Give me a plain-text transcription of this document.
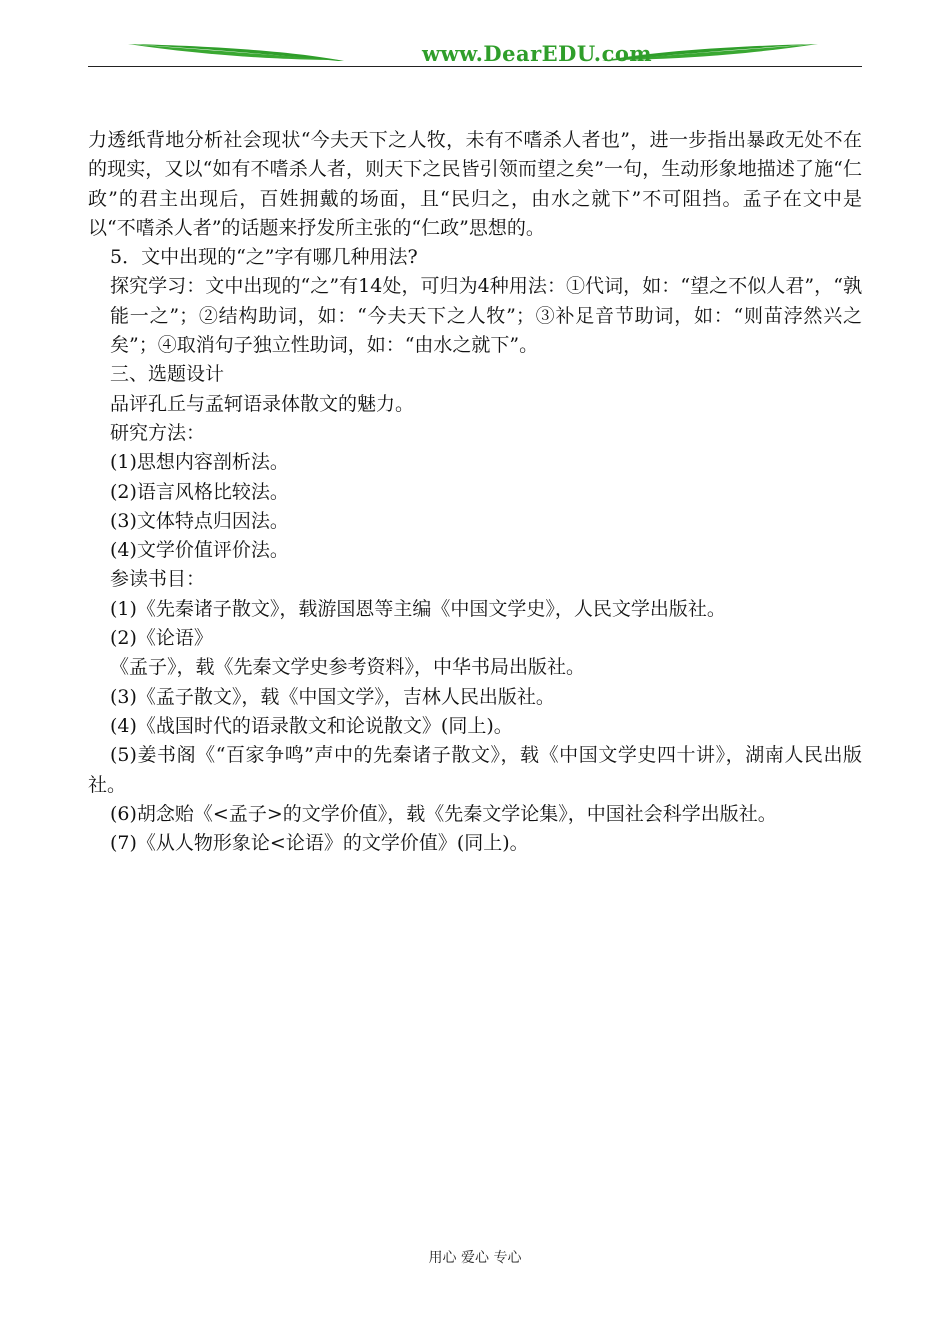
www.DearEDU.com

力透纸背地分析社会现状“今夫天下之人牧，未有不嗜杀人者也”，进一步指出暴政无处不在的现实，又以“如有不嗜杀人者，则天下之民皆引领而望之矣”一句，生动形象地描述了施“仁政”的君主出现后，百姓拥戴的场面，且“民归之，由水之就下”不可阻挡。孟子在文中是以“不嗜杀人者”的话题来抒发所主张的“仁政”思想的。

5．文中出现的“之”字有哪几种用法?

探究学习：文中出现的“之”有14处，可归为4种用法：①代词，如：“望之不似人君”，“孰能一之”；②结构助词，如：“今夫天下之人牧”；③补足音节助词，如：“则苗浡然兴之矣”；④取消句子独立性助词，如：“由水之就下”。

三、选题设计

品评孔丘与孟轲语录体散文的魅力。

研究方法：

(1)思想内容剖析法。

(2)语言风格比较法。

(3)文体特点归因法。

(4)文学价值评价法。

参读书目：

(1)《先秦诸子散文》，载游国恩等主编《中国文学史》，人民文学出版社。

(2)《论语》

《孟子》，载《先秦文学史参考资料》，中华书局出版社。

(3)《孟子散文》，载《中国文学》，吉林人民出版社。

(4)《战国时代的语录散文和论说散文》(同上)。

(5)姜书阁《“百家争鸣”声中的先秦诸子散文》，载《中国文学史四十讲》，湖南人民出版社。

(6)胡念贻《<孟子>的文学价值》，载《先秦文学论集》，中国社会科学出版社。

(7)《从人物形象论<论语》的文学价值》(同上)。

用心 爱心 专心
